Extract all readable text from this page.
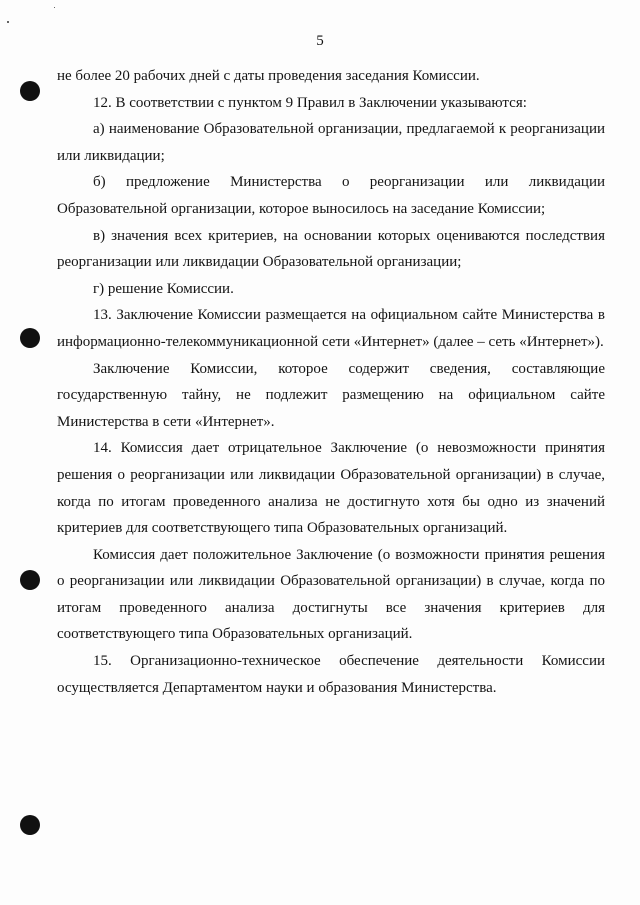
5

не более 20 рабочих дней с даты проведения заседания Комиссии.

12. В соответствии с пунктом 9 Правил в Заключении указываются:

а) наименование Образовательной организации, предлагаемой к реорганизации или ликвидации;

б) предложение Министерства о реорганизации или ликвидации Образовательной организации, которое выносилось на заседание Комиссии;

в) значения всех критериев, на основании которых оцениваются последствия реорганизации или ликвидации Образовательной организации;

г) решение Комиссии.

13. Заключение Комиссии размещается на официальном сайте Министерства в информационно-телекоммуникационной сети «Интернет» (далее – сеть «Интернет»).

Заключение Комиссии, которое содержит сведения, составляющие государственную тайну, не подлежит размещению на официальном сайте Министерства в сети «Интернет».

14. Комиссия дает отрицательное Заключение (о невозможности принятия решения о реорганизации или ликвидации Образовательной организации) в случае, когда по итогам проведенного анализа не достигнуто хотя бы одно из значений критериев для соответствующего типа Образовательных организаций.

Комиссия дает положительное Заключение (о возможности принятия решения о реорганизации или ликвидации Образовательной организации) в случае, когда по итогам проведенного анализа достигнуты все значения критериев для соответствующего типа Образовательных организаций.

15. Организационно-техническое обеспечение деятельности Комиссии осуществляется Департаментом науки и образования Министерства.
